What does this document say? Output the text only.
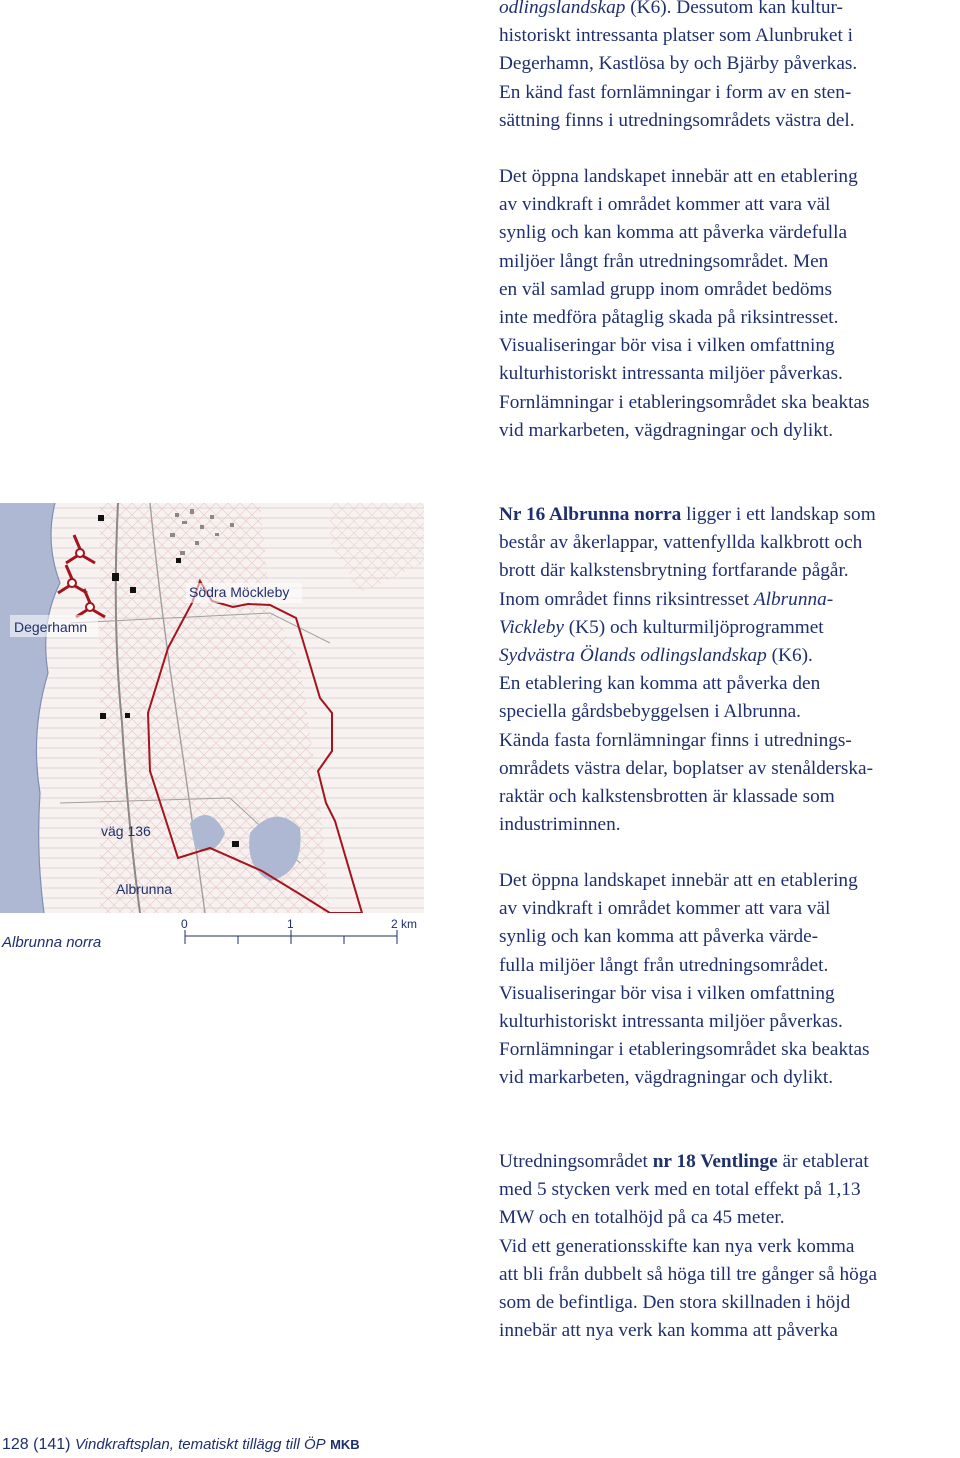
odlingslandskap (K6). Dessutom kan kultur-
historiskt intressanta platser som Alunbruket i
Degerhamn, Kastlösa by och Bjärby påverkas.
En känd fast fornlämningar i form av en sten-
sättning finns i utredningsområdets västra del.
Det öppna landskapet innebär att en etablering
av vindkraft i området kommer att vara väl
synlig och kan komma att påverka värdefulla
miljöer långt från utredningsområdet. Men
en väl samlad grupp inom området bedöms
inte medföra påtaglig skada på riksintresset.
Visualiseringar bör visa i vilken omfattning
kulturhistoriskt intressanta miljöer påverkas.
Fornlämningar i etableringsområdet ska beaktas
vid markarbeten, vägdragningar och dylikt.
Nr 16 Albrunna norra ligger i ett landskap som
består av åkerlappar, vattenfyllda kalkbrott och
brott där kalkstensbrytning fortfarande pågår.
Inom området finns riksintresset Albrunna-
Vickleby (K5) och kulturmiljöprogrammet
Sydvästra Ölands odlingslandskap (K6).
En etablering kan komma att påverka den
speciella gårdsbebyggelsen i Albrunna.
Kända fasta fornlämningar finns i utrednings-
områdets västra delar, boplatser av stenålderska-
raktär och kalkstensbrotten är klassade som
industriminnen.
Det öppna landskapet innebär att en etablering
av vindkraft i området kommer att vara väl
synlig och kan komma att påverka värde-
fulla miljöer långt från utredningsområdet.
Visualiseringar bör visa i vilken omfattning
kulturhistoriskt intressanta miljöer påverkas.
Fornlämningar i etableringsområdet ska beaktas
vid markarbeten, vägdragningar och dylikt.
Utredningsområdet nr 18 Ventlinge är etablerat
med 5 stycken verk med en total effekt på 1,13
MW och en totalhöjd på ca 45 meter.
Vid ett generationsskifte kan nya verk komma
att bli från dubbelt så höga till tre gånger så höga
som de befintliga. Den stora skillnaden i höjd
innebär att nya verk kan komma att påverka
Degerhamn
Södra Möckleby
väg 136
Albrunna
Albrunna norra
0	1	2 km
128 (141) Vindkraftsplan, tematiskt tillägg till ÖP MKB
